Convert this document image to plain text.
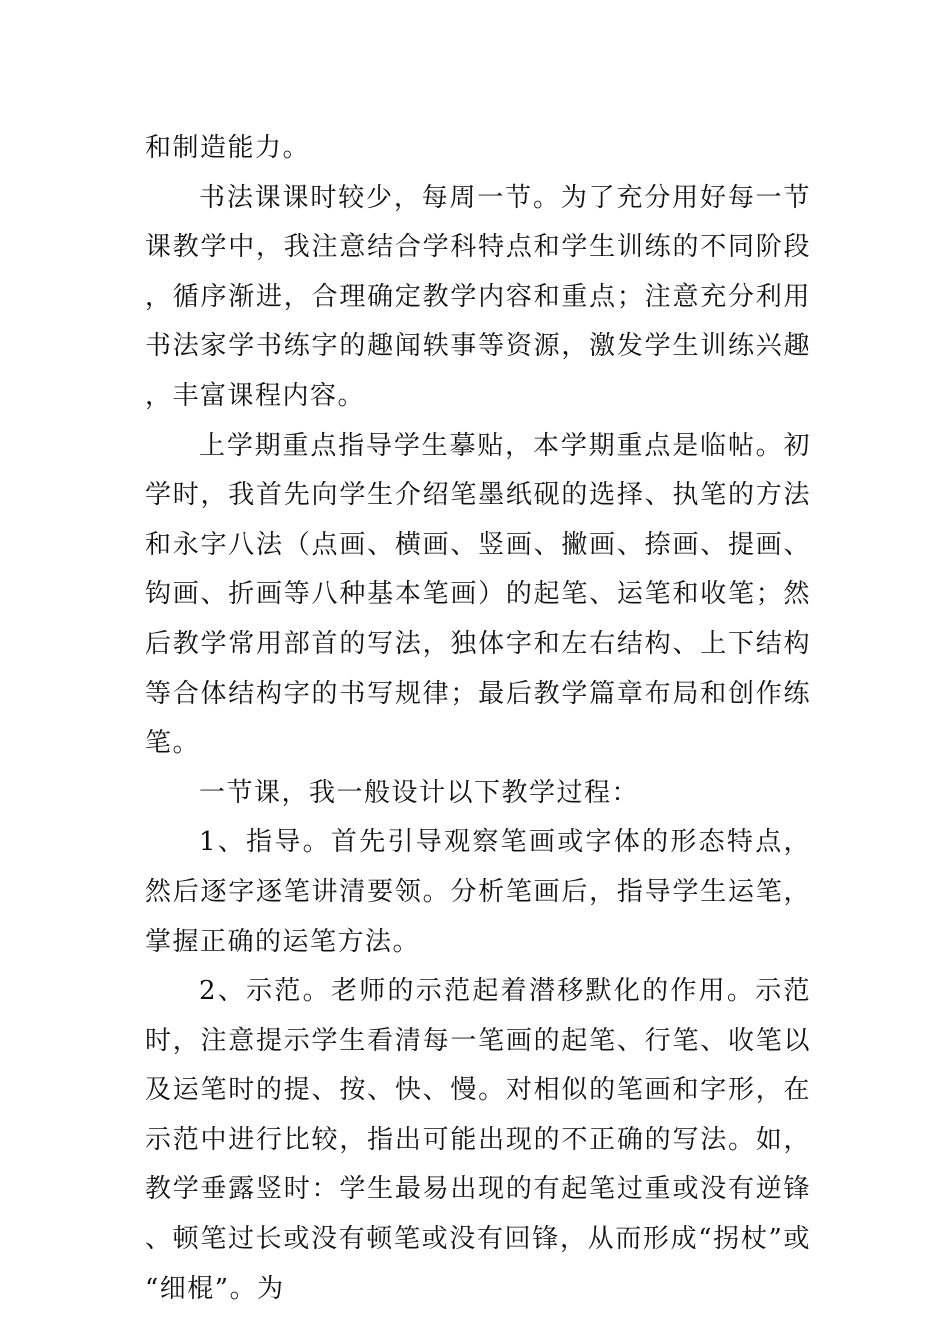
和制造能力。

书法课课时较少，每周一节。为了充分用好每一节课教学中，我注意结合学科特点和学生训练的不同阶段，循序渐进，合理确定教学内容和重点；注意充分利用书法家学书练字的趣闻轶事等资源，激发学生训练兴趣，丰富课程内容。

上学期重点指导学生摹贴，本学期重点是临帖。初学时，我首先向学生介绍笔墨纸砚的选择、执笔的方法和永字八法（点画、横画、竖画、撇画、捺画、提画、钩画、折画等八种基本笔画）的起笔、运笔和收笔；然后教学常用部首的写法，独体字和左右结构、上下结构等合体结构字的书写规律；最后教学篇章布局和创作练笔。

一节课，我一般设计以下教学过程：

1、指导。首先引导观察笔画或字体的形态特点，然后逐字逐笔讲清要领。分析笔画后，指导学生运笔，掌握正确的运笔方法。

2、示范。老师的示范起着潜移默化的作用。示范时，注意提示学生看清每一笔画的起笔、行笔、收笔以及运笔时的提、按、快、慢。对相似的笔画和字形，在示范中进行比较，指出可能出现的不正确的写法。如，教学垂露竖时：学生最易出现的有起笔过重或没有逆锋、顿笔过长或没有顿笔或没有回锋，从而形成“拐杖”或“细棍”。为
